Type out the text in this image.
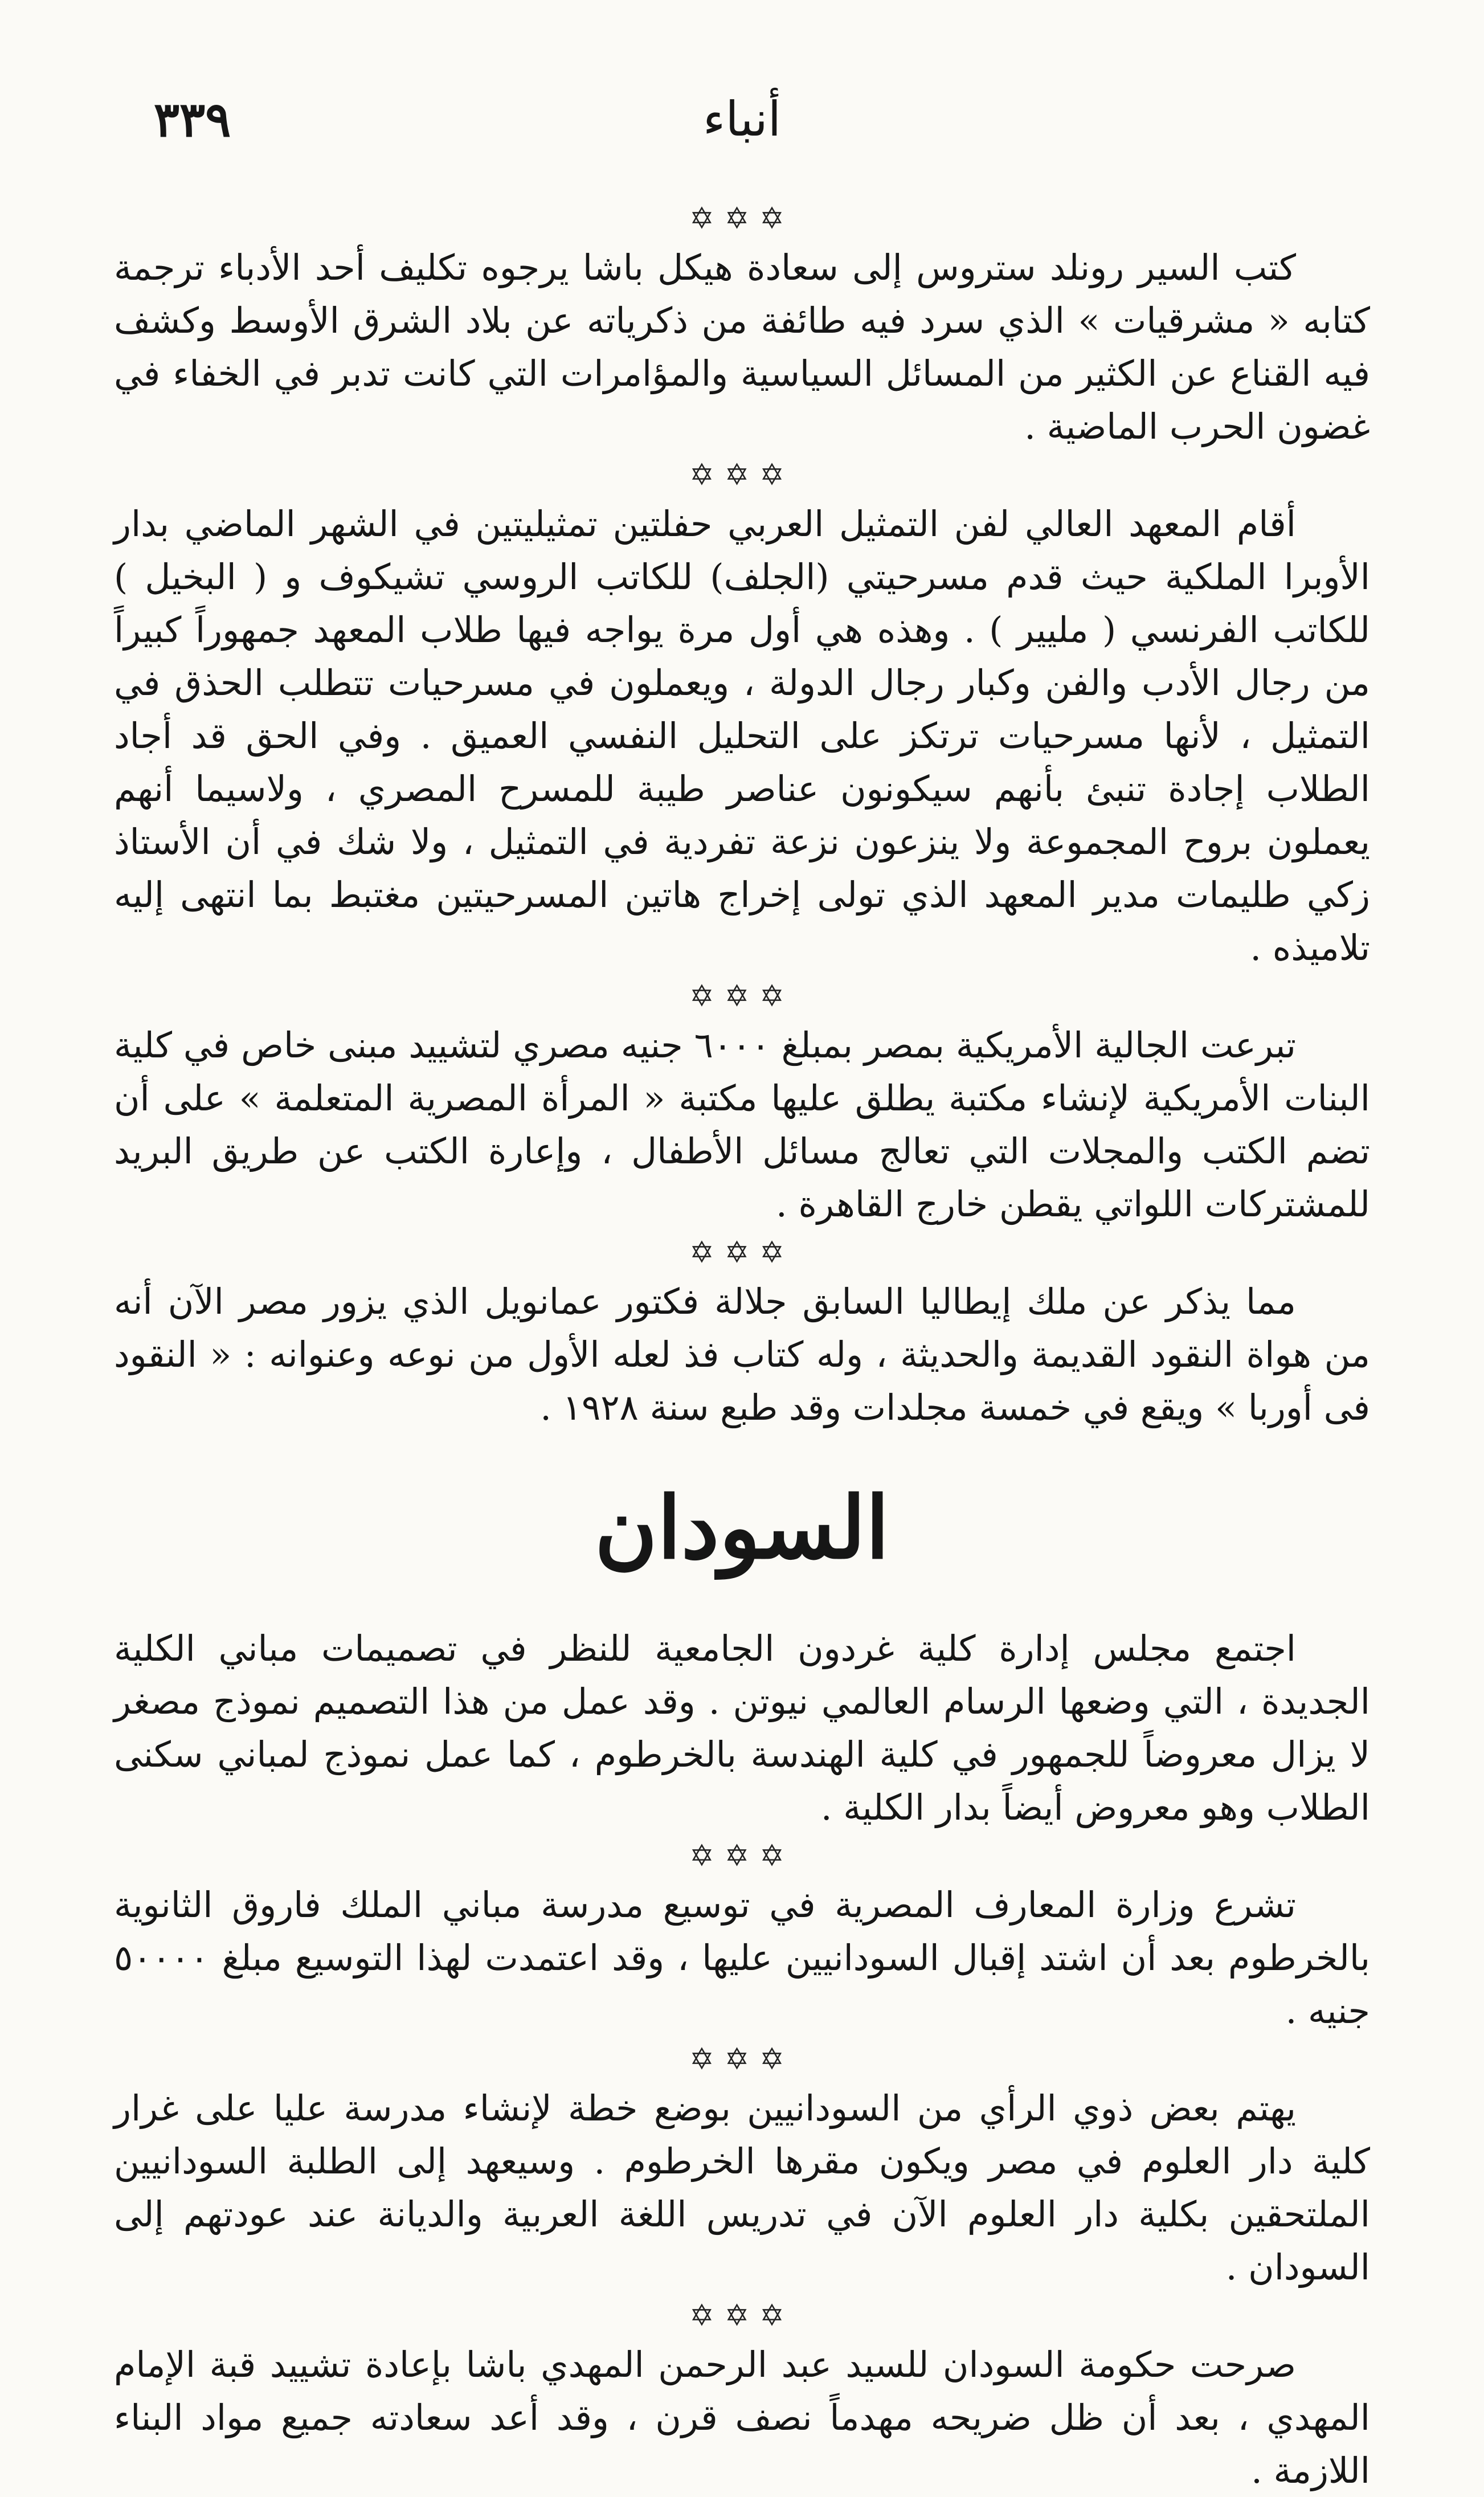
٣٣٩	أنباء
✡✡✡

كتب السير رونلد ستروس إلى سعادة هيكل باشا يرجوه تكليف أحد الأدباء ترجمة كتابه « مشرقيات » الذي سرد فيه طائفة من ذكرياته عن بلاد الشرق الأوسط وكشف فيه القناع عن الكثير من المسائل السياسية والمؤامرات التي كانت تدبر في الخفاء في غضون الحرب الماضية .

✡✡✡

أقام المعهد العالي لفن التمثيل العربي حفلتين تمثيليتين في الشهر الماضي بدار الأوبرا الملكية حيث قدم مسرحيتي (الجلف) للكاتب الروسي تشيكوف و ( البخيل ) للكاتب الفرنسي ( مليير ) . وهذه هي أول مرة يواجه فيها طلاب المعهد جمهوراً كبيراً من رجال الأدب والفن وكبار رجال الدولة ، ويعملون في مسرحيات تتطلب الحذق في التمثيل ، لأنها مسرحيات ترتكز على التحليل النفسي العميق . وفي الحق قد أجاد الطلاب إجادة تنبئ بأنهم سيكونون عناصر طيبة للمسرح المصري ، ولاسيما أنهم يعملون بروح المجموعة ولا ينزعون نزعة تفردية في التمثيل ، ولا شك في أن الأستاذ زكي طليمات مدير المعهد الذي تولى إخراج هاتين المسرحيتين مغتبط بما انتهى إليه تلاميذه .

✡✡✡

تبرعت الجالية الأمريكية بمصر بمبلغ ٦٠٠٠ جنيه مصري لتشييد مبنى خاص في كلية البنات الأمريكية لإنشاء مكتبة يطلق عليها مكتبة « المرأة المصرية المتعلمة » على أن تضم الكتب والمجلات التي تعالج مسائل الأطفال ، وإعارة الكتب عن طريق البريد للمشتركات اللواتي يقطن خارج القاهرة .

✡✡✡

مما يذكر عن ملك إيطاليا السابق جلالة فكتور عمانويل الذي يزور مصر الآن أنه من هواة النقود القديمة والحديثة ، وله كتاب فذ لعله الأول من نوعه وعنوانه : « النقود فى أوربا » ويقع في خمسة مجلدات وقد طبع سنة ١٩٢٨ .

السودان

اجتمع مجلس إدارة كلية غردون الجامعية للنظر في تصميمات مباني الكلية الجديدة ، التي وضعها الرسام العالمي نيوتن . وقد عمل من هذا التصميم نموذج مصغر لا يزال معروضاً للجمهور في كلية الهندسة بالخرطوم ، كما عمل نموذج لمباني سكنى الطلاب وهو معروض أيضاً بدار الكلية .

✡✡✡

تشرع وزارة المعارف المصرية في توسيع مدرسة مباني الملك فاروق الثانوية بالخرطوم بعد أن اشتد إقبال السودانيين عليها ، وقد اعتمدت لهذا التوسيع مبلغ ٥٠٠٠٠ جنيه .

✡✡✡

يهتم بعض ذوي الرأي من السودانيين بوضع خطة لإنشاء مدرسة عليا على غرار كلية دار العلوم في مصر ويكون مقرها الخرطوم . وسيعهد إلى الطلبة السودانيين الملتحقين بكلية دار العلوم الآن في تدريس اللغة العربية والديانة عند عودتهم إلى السودان .

✡✡✡

صرحت حكومة السودان للسيد عبد الرحمن المهدي باشا بإعادة تشييد قبة الإمام المهدي ، بعد أن ظل ضريحه مهدماً نصف قرن ، وقد أعد سعادته جميع مواد البناء اللازمة .
